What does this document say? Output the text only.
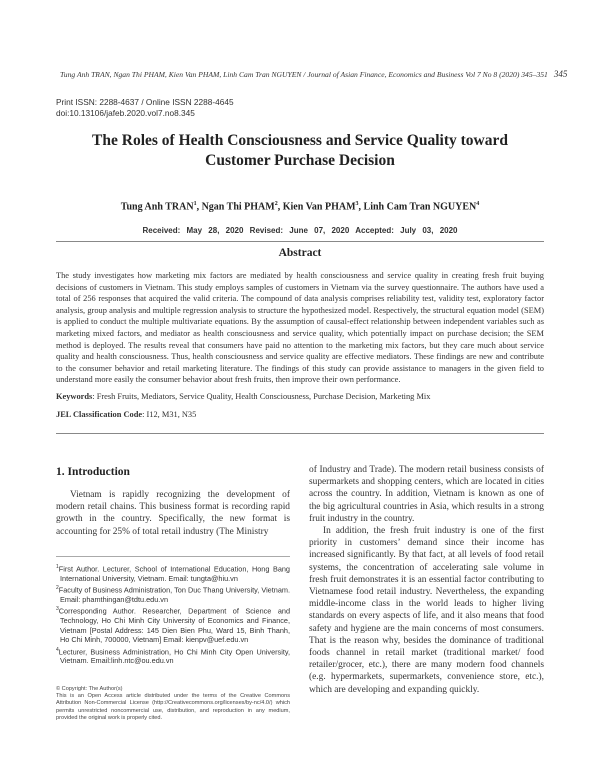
Tung Anh TRAN, Ngan Thi PHAM, Kien Van PHAM, Linh Cam Tran NGUYEN / Journal of Asian Finance, Economics and Business Vol 7 No 8 (2020) 345–351 345
Print ISSN: 2288-4637 / Online ISSN 2288-4645
doi:10.13106/jafeb.2020.vol7.no8.345
The Roles of Health Consciousness and Service Quality toward
Customer Purchase Decision
Tung Anh TRAN$^1$, Ngan Thi PHAM$^2$, Kien Van PHAM$^3$, Linh Cam Tran NGUYEN$^4$
Received: May 28, 2020 Revised: June 07, 2020 Accepted: July 03, 2020
Abstract
The study investigates how marketing mix factors are mediated by health consciousness and service quality in creating fresh fruit buying decisions of customers in Vietnam. This study employs samples of customers in Vietnam via the survey questionnaire. The authors have used a total of 256 responses that acquired the valid criteria. The compound of data analysis comprises reliability test, validity test, exploratory factor analysis, group analysis and multiple regression analysis to structure the hypothesized model. Respectively, the structural equation model (SEM) is applied to conduct the multiple multivariate equations. By the assumption of causal-effect relationship between independent variables such as marketing mixed factors, and mediator as health consciousness and service quality, which potentially impact on purchase decision; the SEM method is deployed. The results reveal that consumers have paid no attention to the marketing mix factors, but they care much about service quality and health consciousness. Thus, health consciousness and service quality are effective mediators. These findings are new and contribute to the consumer behavior and retail marketing literature. The findings of this study can provide assistance to managers in the given field to understand more easily the consumer behavior about fresh fruits, then improve their own performance.
Keywords: Fresh Fruits, Mediators, Service Quality, Health Consciousness, Purchase Decision, Marketing Mix
JEL Classification Code: I12, M31, N35
1. Introduction
Vietnam is rapidly recognizing the development of modern retail chains. This business format is recording rapid growth in the country. Specifically, the new format is accounting for 25% of total retail industry (The Ministry

$^1$First Author. Lecturer, School of International Education, Hong Bang International University, Vietnam. Email: tungta@hiu.vn

$^2$Faculty of Business Administration, Ton Duc Thang University, Vietnam. Email: phamthingan@tdtu.edu.vn

$^3$Corresponding Author. Researcher, Department of Science and Technology, Ho Chi Minh City University of Economics and Finance, Vietnam [Postal Address: 145 Dien Bien Phu, Ward 15, Binh Thanh, Ho Chi Minh, 700000, Vietnam] Email: kienpv@uef.edu.vn

$^4$Lecturer, Business Administration, Ho Chi Minh City Open University, Vietnam. Email:linh.ntc@ou.edu.vn

© Copyright: The Author(s)

This is an Open Access article distributed under the terms of the Creative Commons Attribution Non-Commercial License (http://Creativecommons.org/licenses/by-nc/4.0/) which permits unrestricted noncommercial use, distribution, and reproduction in any medium, provided the original work is properly cited.

of Industry and Trade). The modern retail business consists of supermarkets and shopping centers, which are located in cities across the country. In addition, Vietnam is known as one of the big agricultural countries in Asia, which results in a strong fruit industry in the country.

In addition, the fresh fruit industry is one of the first priority in customers’ demand since their income has increased significantly. By that fact, at all levels of food retail systems, the concentration of accelerating sale volume in fresh fruit demonstrates it is an essential factor contributing to Vietnamese food retail industry. Nevertheless, the expanding middle-income class in the world leads to higher living standards on every aspects of life, and it also means that food safety and hygiene are the main concerns of most consumers. That is the reason why, besides the dominance of traditional foods channel in retail market (traditional market/ food retailer/grocer, etc.), there are many modern food channels (e.g. hypermarkets, supermarkets, convenience store, etc.), which are developing and expanding quickly.
